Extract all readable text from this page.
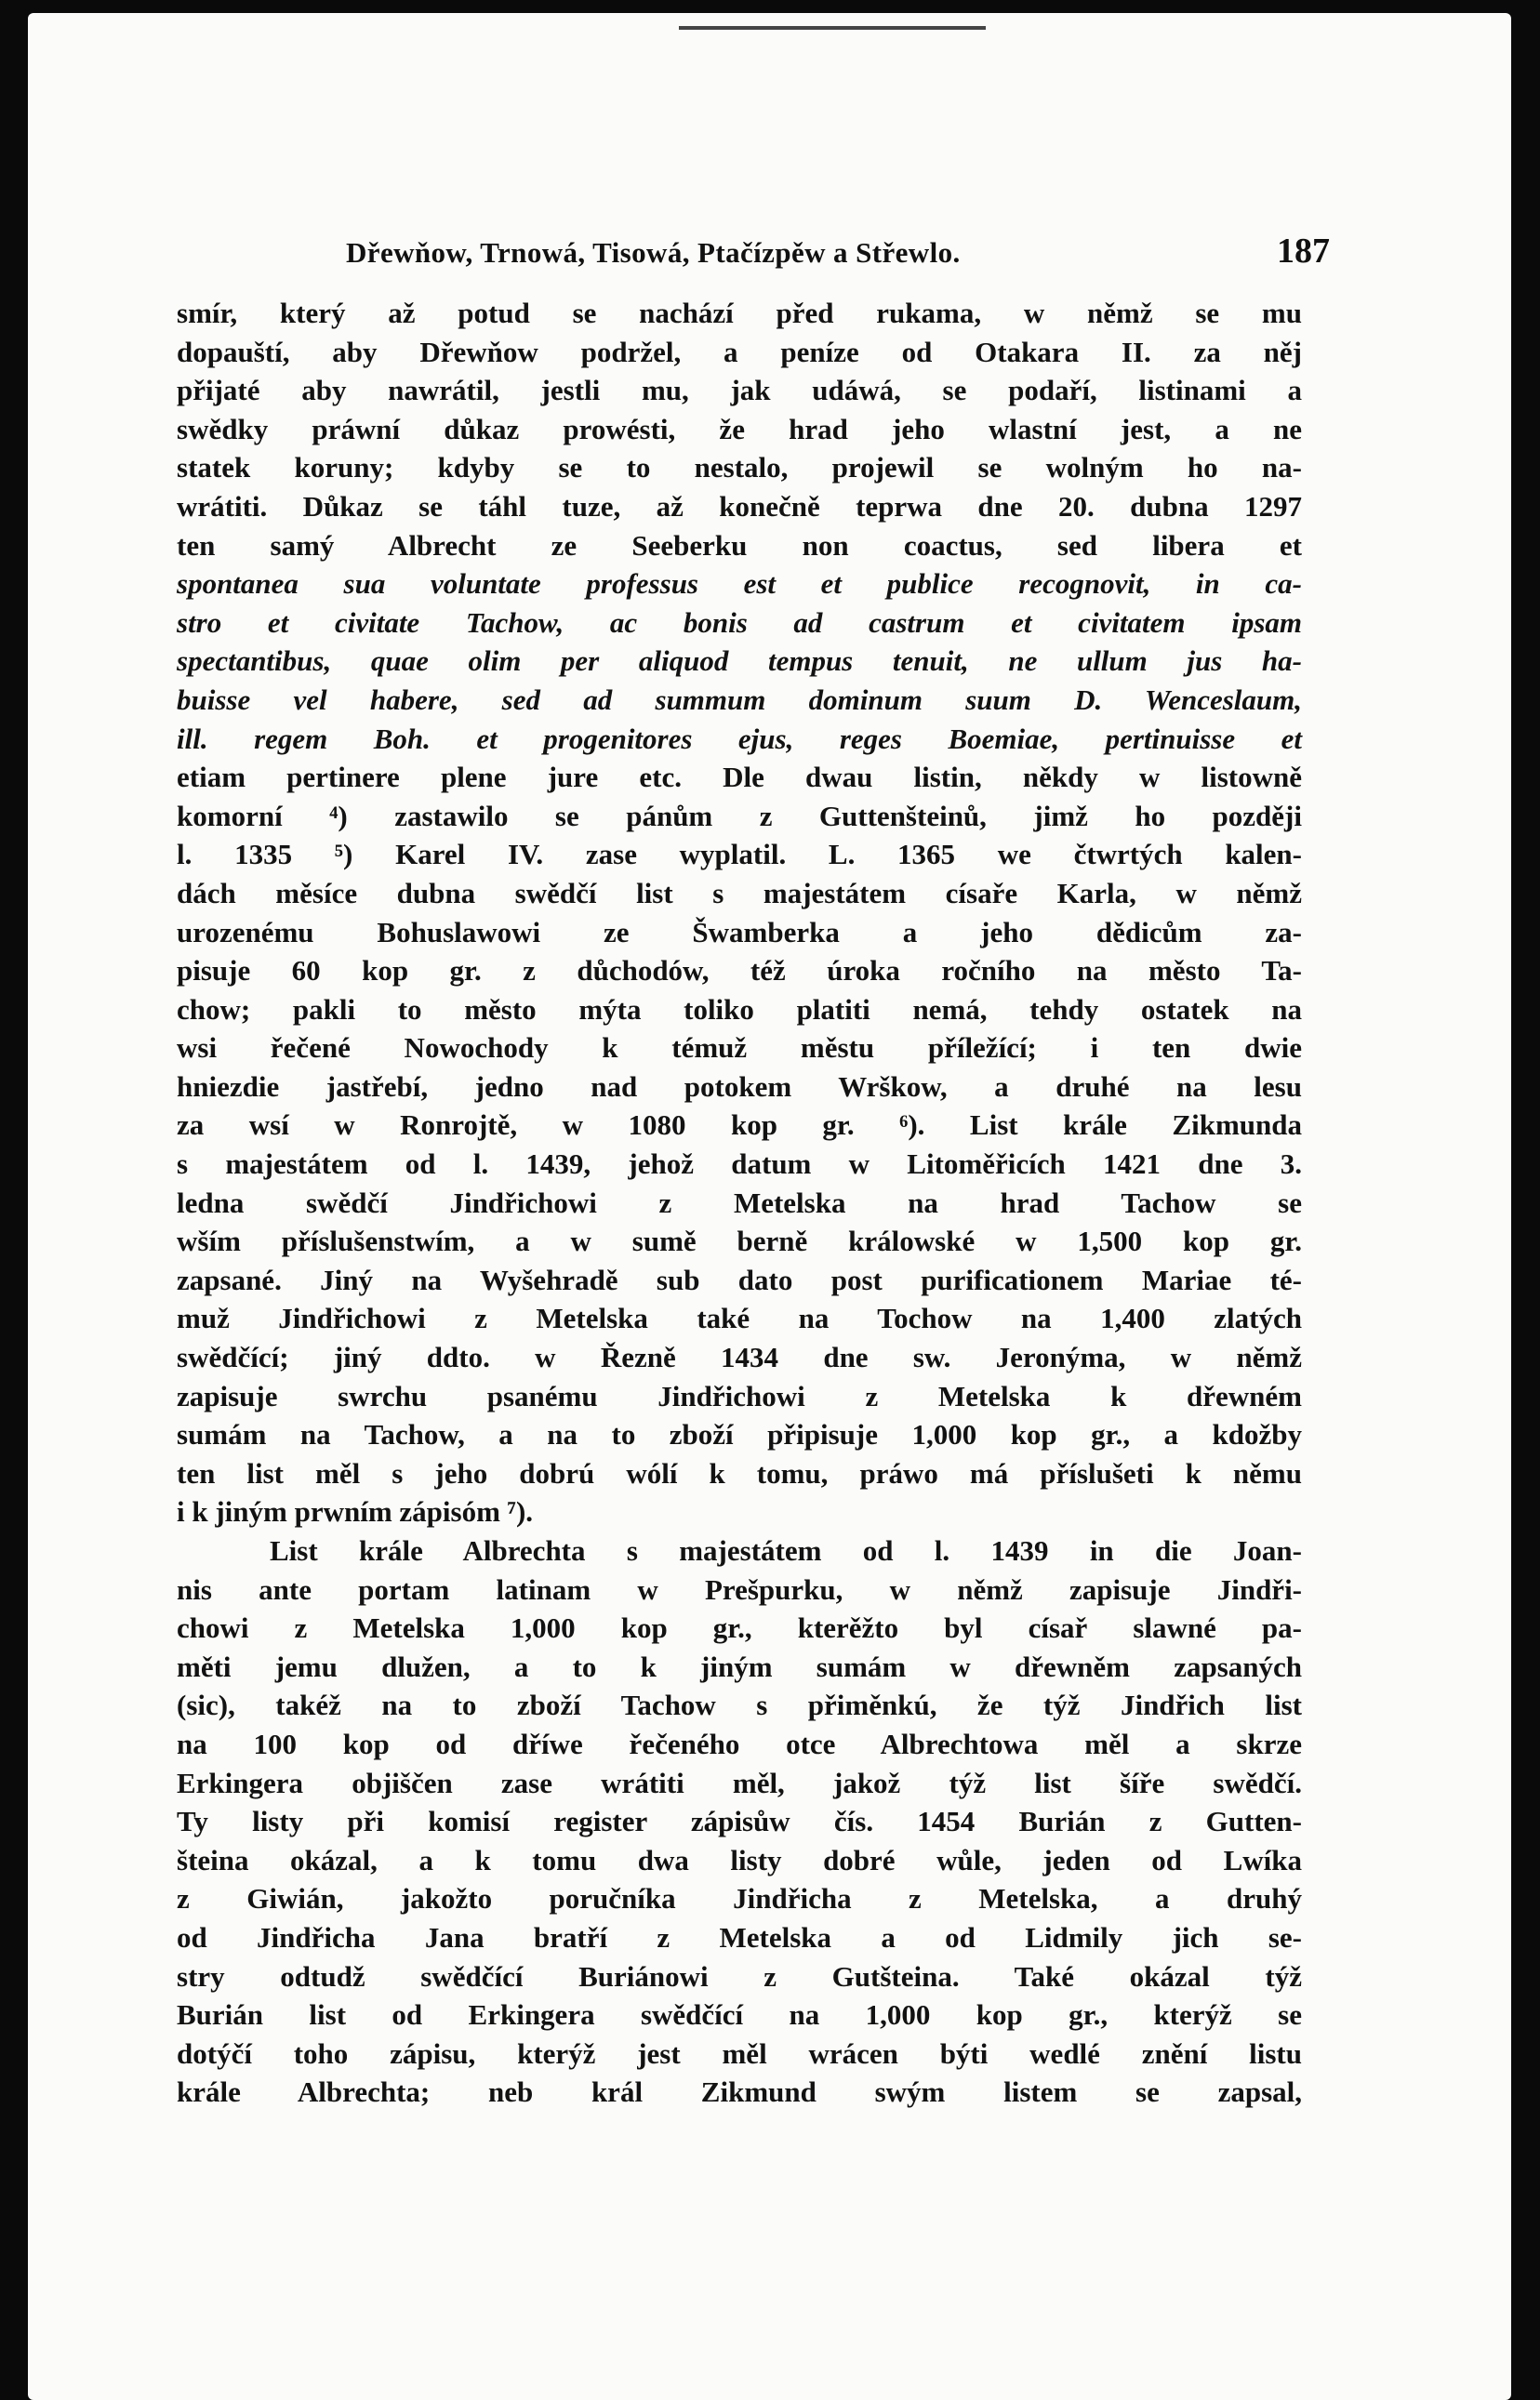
Dřewňow, Trnowá, Tisowá, Ptačízpěw a Střewlo.	187

smír, který až potud se nachází před rukama, w němž se mu
dopauští, aby Dřewňow podržel, a peníze od Otakara II. za něj
přijaté aby nawrátil, jestli mu, jak udáwá, se podaří, listinami a
swědky práwní důkaz prowésti, že hrad jeho wlastní jest, a ne
statek koruny; kdyby se to nestalo, projewil se wolným ho na-
wrátiti. Důkaz se táhl tuze, až konečně teprwa dne 20. dubna 1297
ten samý Albrecht ze Seeberku non coactus, sed libera et
spontanea sua voluntate professus est et publice recognovit, in ca-
stro et civitate Tachow, ac bonis ad castrum et civitatem ipsam
spectantibus, quae olim per aliquod tempus tenuit, ne ullum jus ha-
buisse vel habere, sed ad summum dominum suum D. Wenceslaum,
ill. regem Boh. et progenitores ejus, reges Boemiae, pertinuisse et
etiam pertinere plene jure etc. Dle dwau listin, někdy w listowně
komorní ⁴) zastawilo se pánům z Guttenšteinů, jimž ho později
l. 1335 ⁵) Karel IV. zase wyplatil. L. 1365 we čtwrtých kalen-
dách měsíce dubna swědčí list s majestátem císaře Karla, w němž
urozenému Bohuslawowi ze Šwamberka a jeho dědicům za-
pisuje 60 kop gr. z důchodów, též úroka ročního na město Ta-
chow; pakli to město mýta toliko platiti nemá, tehdy ostatek na
wsi řečené Nowochody k témuž městu příležící; i ten dwie
hniezdie jastřebí, jedno nad potokem Wrškow, a druhé na lesu
za wsí w Ronrojtě, w 1080 kop gr. ⁶). List krále Zikmunda
s majestátem od l. 1439, jehož datum w Litoměřicích 1421 dne 3.
ledna swědčí Jindřichowi z Metelska na hrad Tachow se
wším příslušenstwím, a w sumě berně králowské w 1,500 kop gr.
zapsané. Jiný na Wyšehradě sub dato post purificationem Mariae té-
muž Jindřichowi z Metelska také na Tochow na 1,400 zlatých
swědčící; jiný ddto. w Řezně 1434 dne sw. Jeronýma, w němž
zapisuje swrchu psanému Jindřichowi z Metelska k dřewném
sumám na Tachow, a na to zboží připisuje 1,000 kop gr., a kdožby
ten list měl s jeho dobrú wólí k tomu, práwo má příslušeti k němu
i k jiným prwním zápisóm ⁷).

List krále Albrechta s majestátem od l. 1439 in die Joan-
nis ante portam latinam w Prešpurku, w němž zapisuje Jindři-
chowi z Metelska 1,000 kop gr., kterěžto byl císař slawné pa-
měti jemu dlužen, a to k jiným sumám w dřewněm zapsaných
(sic), takéž na to zboží Tachow s přiměnkú, že týž Jindřich list
na 100 kop od dříwe řečeného otce Albrechtowa měl a skrze
Erkingera objiščen zase wrátiti měl, jakož týž list šíře swědčí.
Ty listy při komisí register zápisůw čís. 1454 Burián z Gutten-
šteina okázal, a k tomu dwa listy dobré wůle, jeden od Lwíka
z Giwián, jakožto poručníka Jindřicha z Metelska, a druhý
od Jindřicha Jana bratří z Metelska a od Lidmily jich se-
stry odtudž swědčící Buriánowi z Gutšteina. Také okázal týž
Burián list od Erkingera swědčící na 1,000 kop gr., kterýž se
dotýčí toho zápisu, kterýž jest měl wrácen býti wedlé znění listu
krále Albrechta; neb král Zikmund swým listem se zapsal,
